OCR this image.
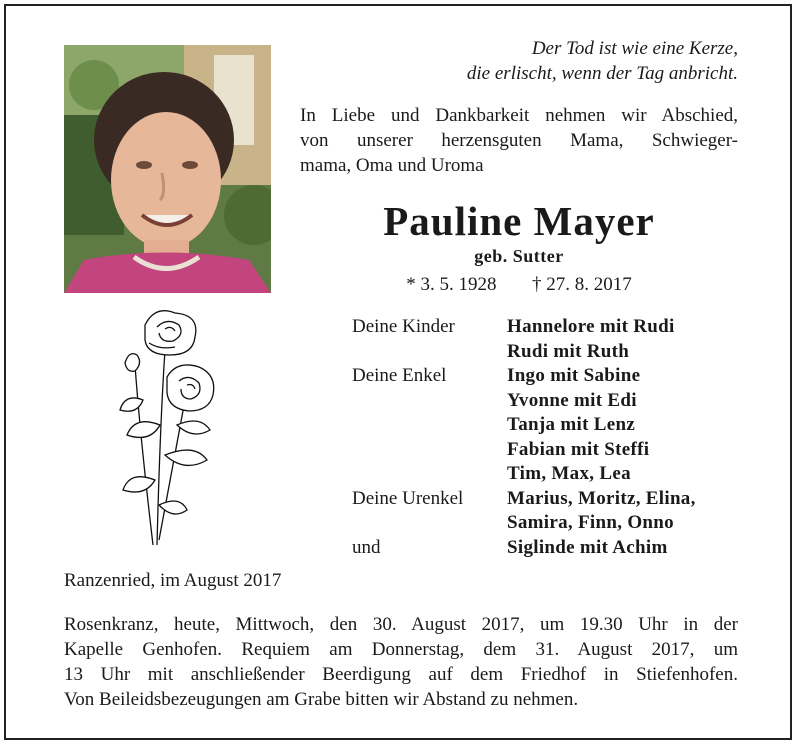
Der Tod ist wie eine Kerze,
die erlischt, wenn der Tag anbricht.
In Liebe und Dankbarkeit nehmen wir Abschied,
von unserer herzensguten Mama, Schwieger-
mama, Oma und Uroma
Pauline Mayer
geb. Sutter
* 3. 5. 1928 † 27. 8. 2017
Deine Kinder	Hannelore mit Rudi
Rudi mit Ruth
Deine Enkel	Ingo mit Sabine
Yvonne mit Edi
Tanja mit Lenz
Fabian mit Steffi
Tim, Max, Lea
Deine Urenkel	Marius, Moritz, Elina,
Samira, Finn, Onno
und	Siglinde mit Achim
Ranzenried, im August 2017
Rosenkranz, heute, Mittwoch, den 30. August 2017, um 19.30 Uhr in der
Kapelle Genhofen. Requiem am Donnerstag, dem 31. August 2017, um
13 Uhr mit anschließender Beerdigung auf dem Friedhof in Stiefenhofen.
Von Beileidsbezeugungen am Grabe bitten wir Abstand zu nehmen.
